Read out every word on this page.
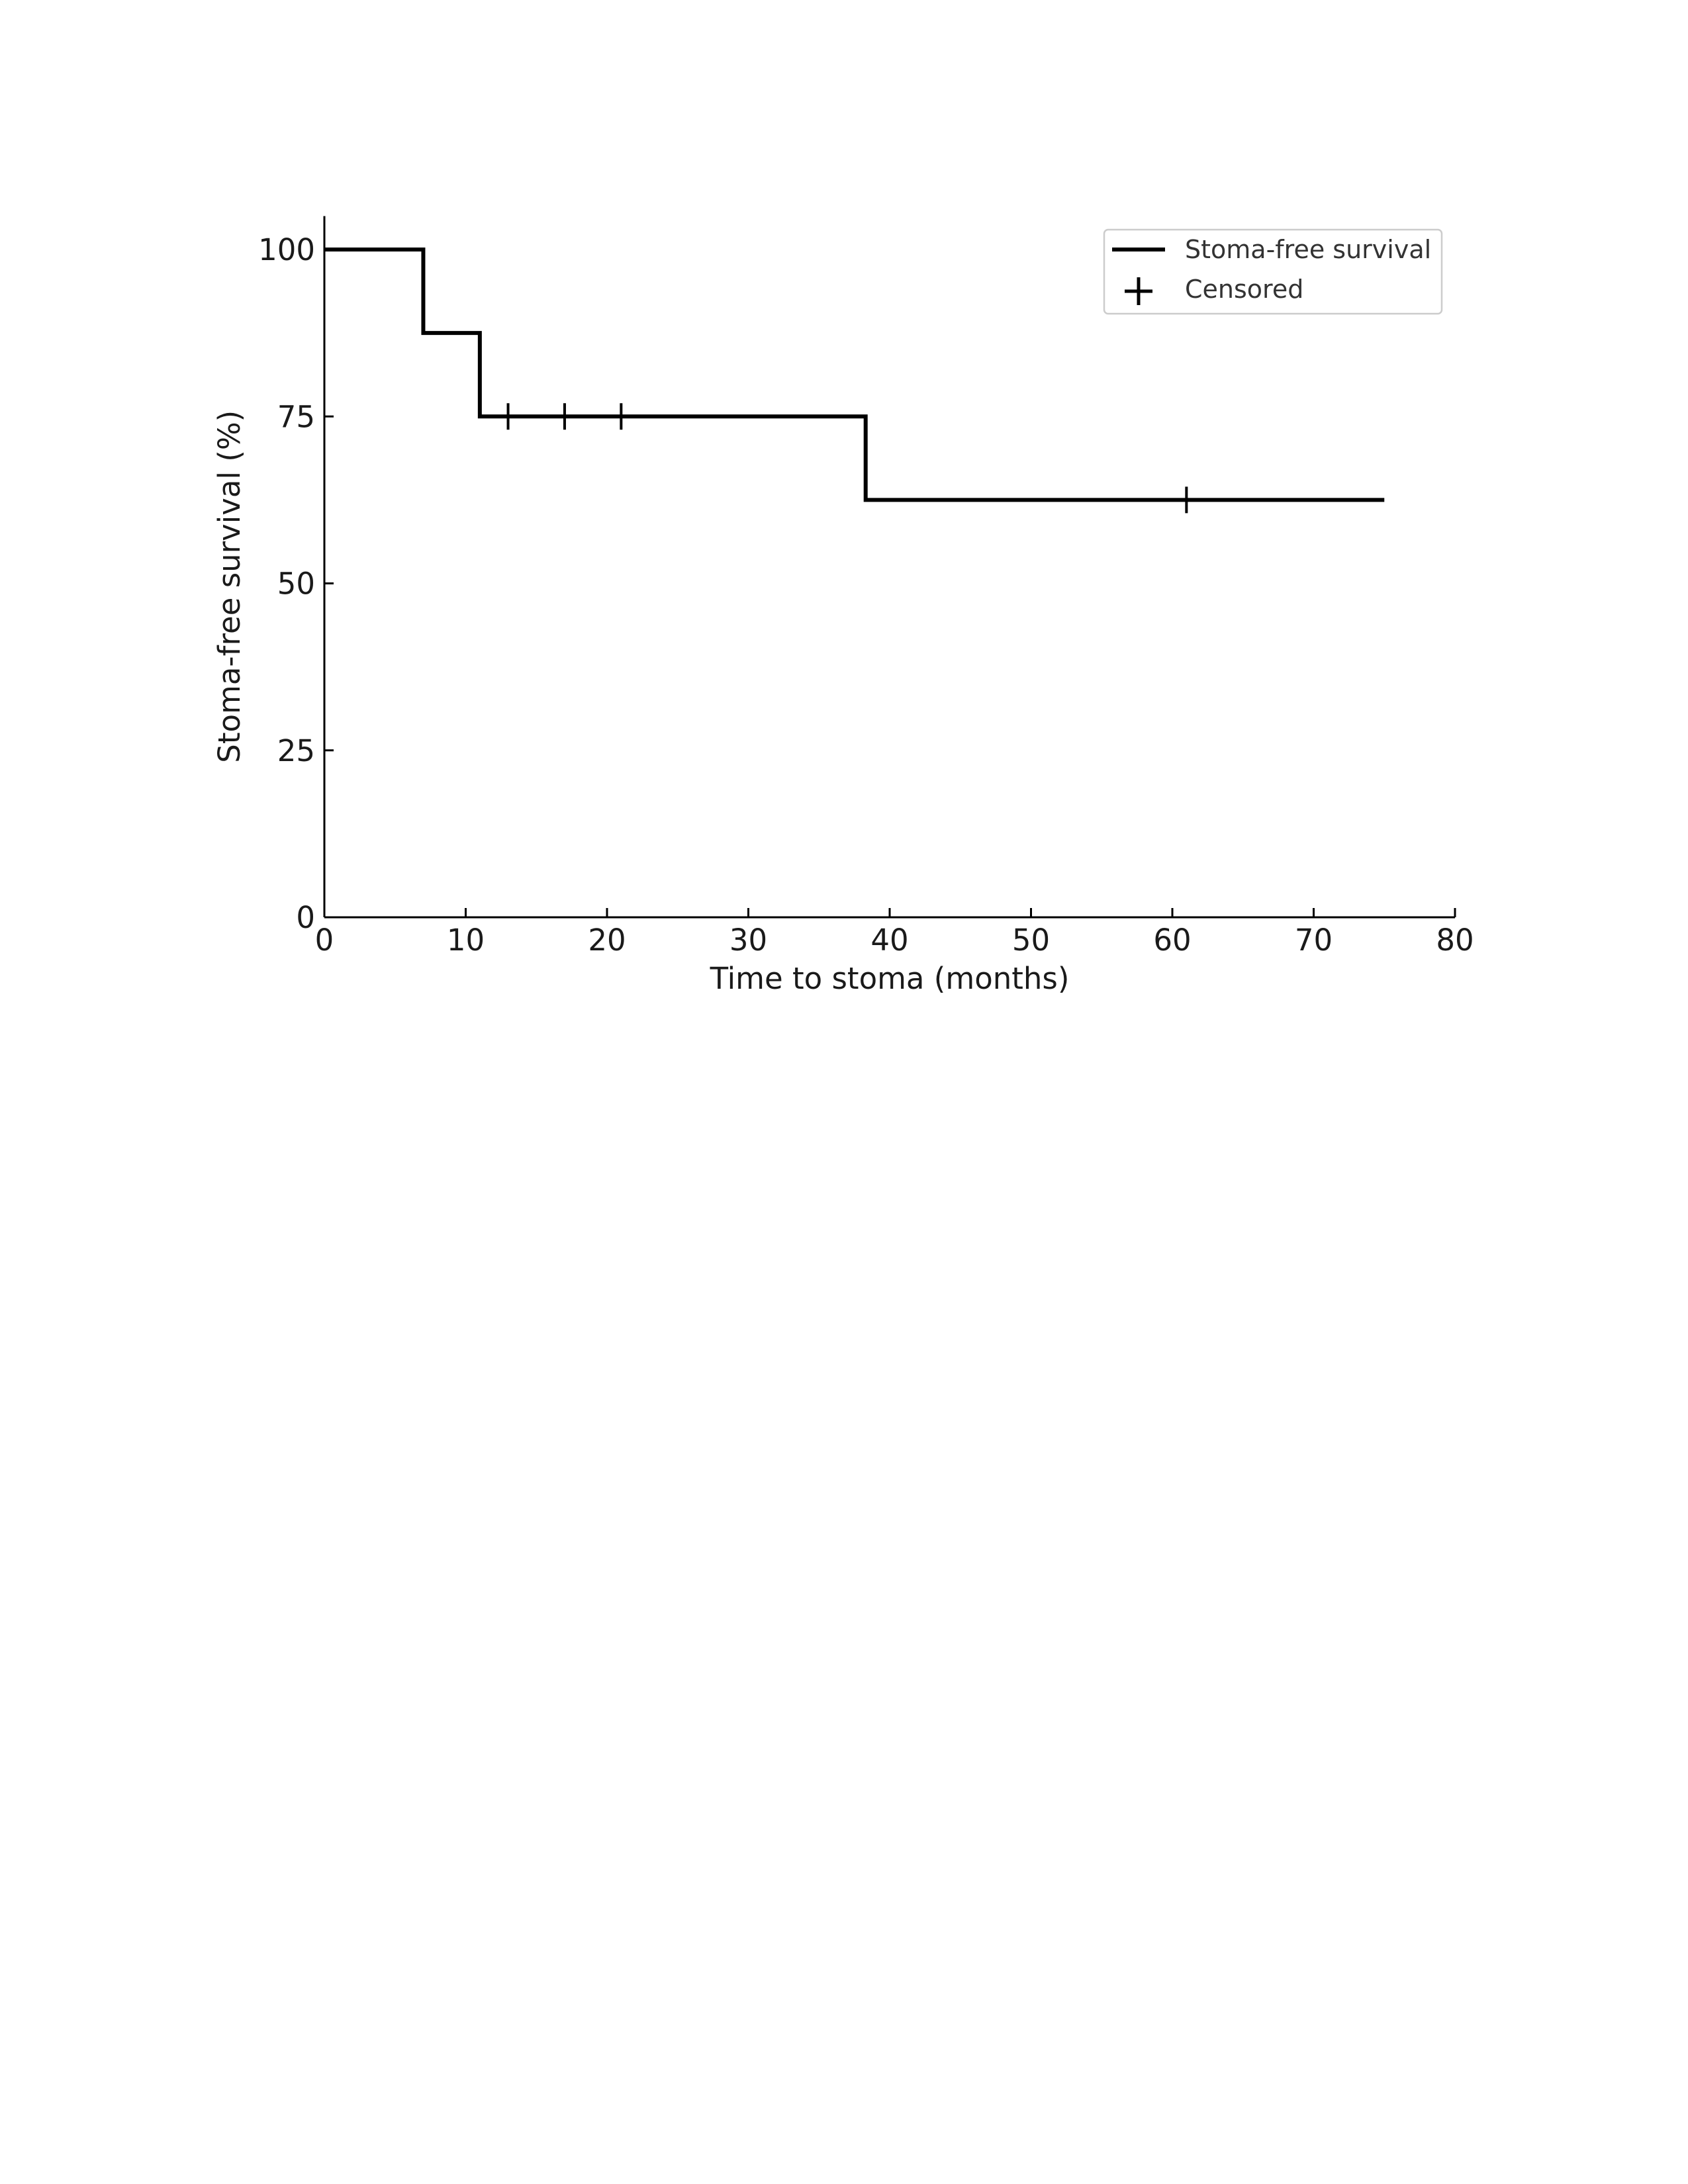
0	10	20	30	40	50	60	70	80
0
25
50
75
100
Time to stoma (months)
Stoma-free survival (%)
Stoma-free survival
Censored
